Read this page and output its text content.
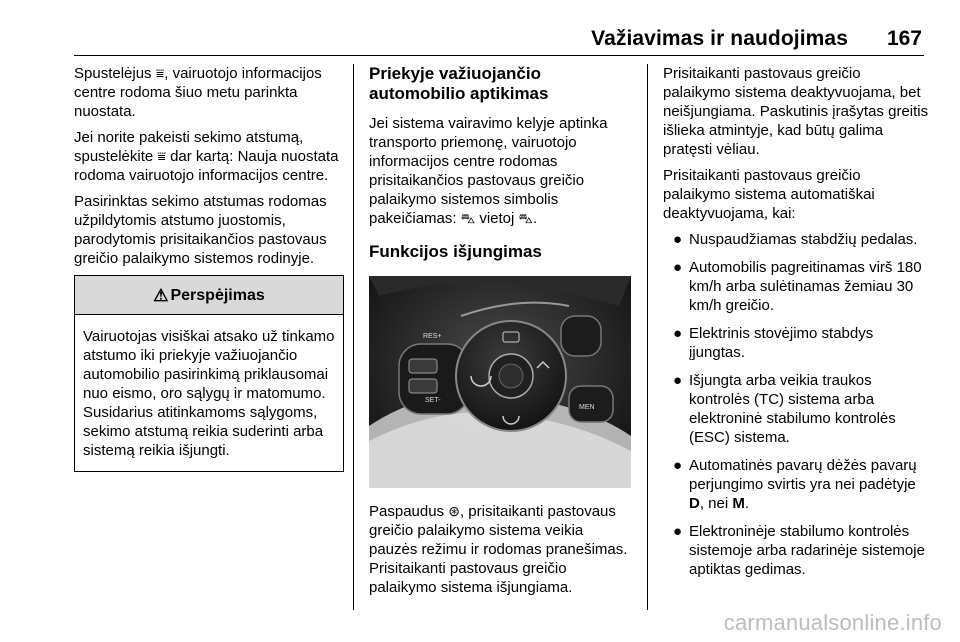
Važiavimas ir naudojimas 167

Spustelėjus ⩸, vairuotojo informacijos centre rodoma šiuo metu parinkta nuostata.

Jei norite pakeisti sekimo atstumą, spustelėkite ⩸ dar kartą: Nauja nuostata rodoma vairuotojo informacijos centre.

Pasirinktas sekimo atstumas rodomas užpildytomis atstumo juostomis, parodytomis prisitaikančios pastovaus greičio palaikymo sistemos rodinyje.

⚠ Perspėjimas
Vairuotojas visiškai atsako už tinkamo atstumo iki priekyje važiuojančio automobilio pasirinkimą priklausomai nuo eismo, oro sąlygų ir matomumo. Susidarius atitinkamoms sąlygoms, sekimo atstumą reikia suderinti arba sistemą reikia išjungti.
Priekyje važiuojančio automobilio aptikimas

Jei sistema vairavimo kelyje aptinka transporto priemonę, vairuotojo informacijos centre rodomas prisitaikančios pastovaus greičio palaikymo sistemos simbolis pakeičiamas: ⛍ vietoj ⛍.

Funkcijos išjungimas
RES+
SET-
MEN

Paspaudus ⊛, prisitaikanti pastovaus greičio palaikymo sistema veikia pauzės režimu ir rodomas pranešimas. Prisitaikanti pastovaus greičio palaikymo sistema išjungiama.

Prisitaikanti pastovaus greičio palaikymo sistema deaktyvuojama, bet neišjungiama. Paskutinis įrašytas greitis išlieka atmintyje, kad būtų galima pratęsti vėliau.

Prisitaikanti pastovaus greičio palaikymo sistema automatiškai deaktyvuojama, kai:

● Nuspaudžiamas stabdžių pedalas.
● Automobilis pagreitinamas virš 180 km/h arba sulėtinamas žemiau 30 km/h greičio.
● Elektrinis stovėjimo stabdys įjungtas.
● Išjungta arba veikia traukos kontrolės (TC) sistema arba elektroninė stabilumo kontrolės (ESC) sistema.
● Automatinės pavarų dėžės pavarų perjungimo svirtis yra nei padėtyje D, nei M.
● Elektroninėje stabilumo kontrolės sistemoje arba radarinėje sistemoje aptiktas gedimas.
carmanualsonline.info
